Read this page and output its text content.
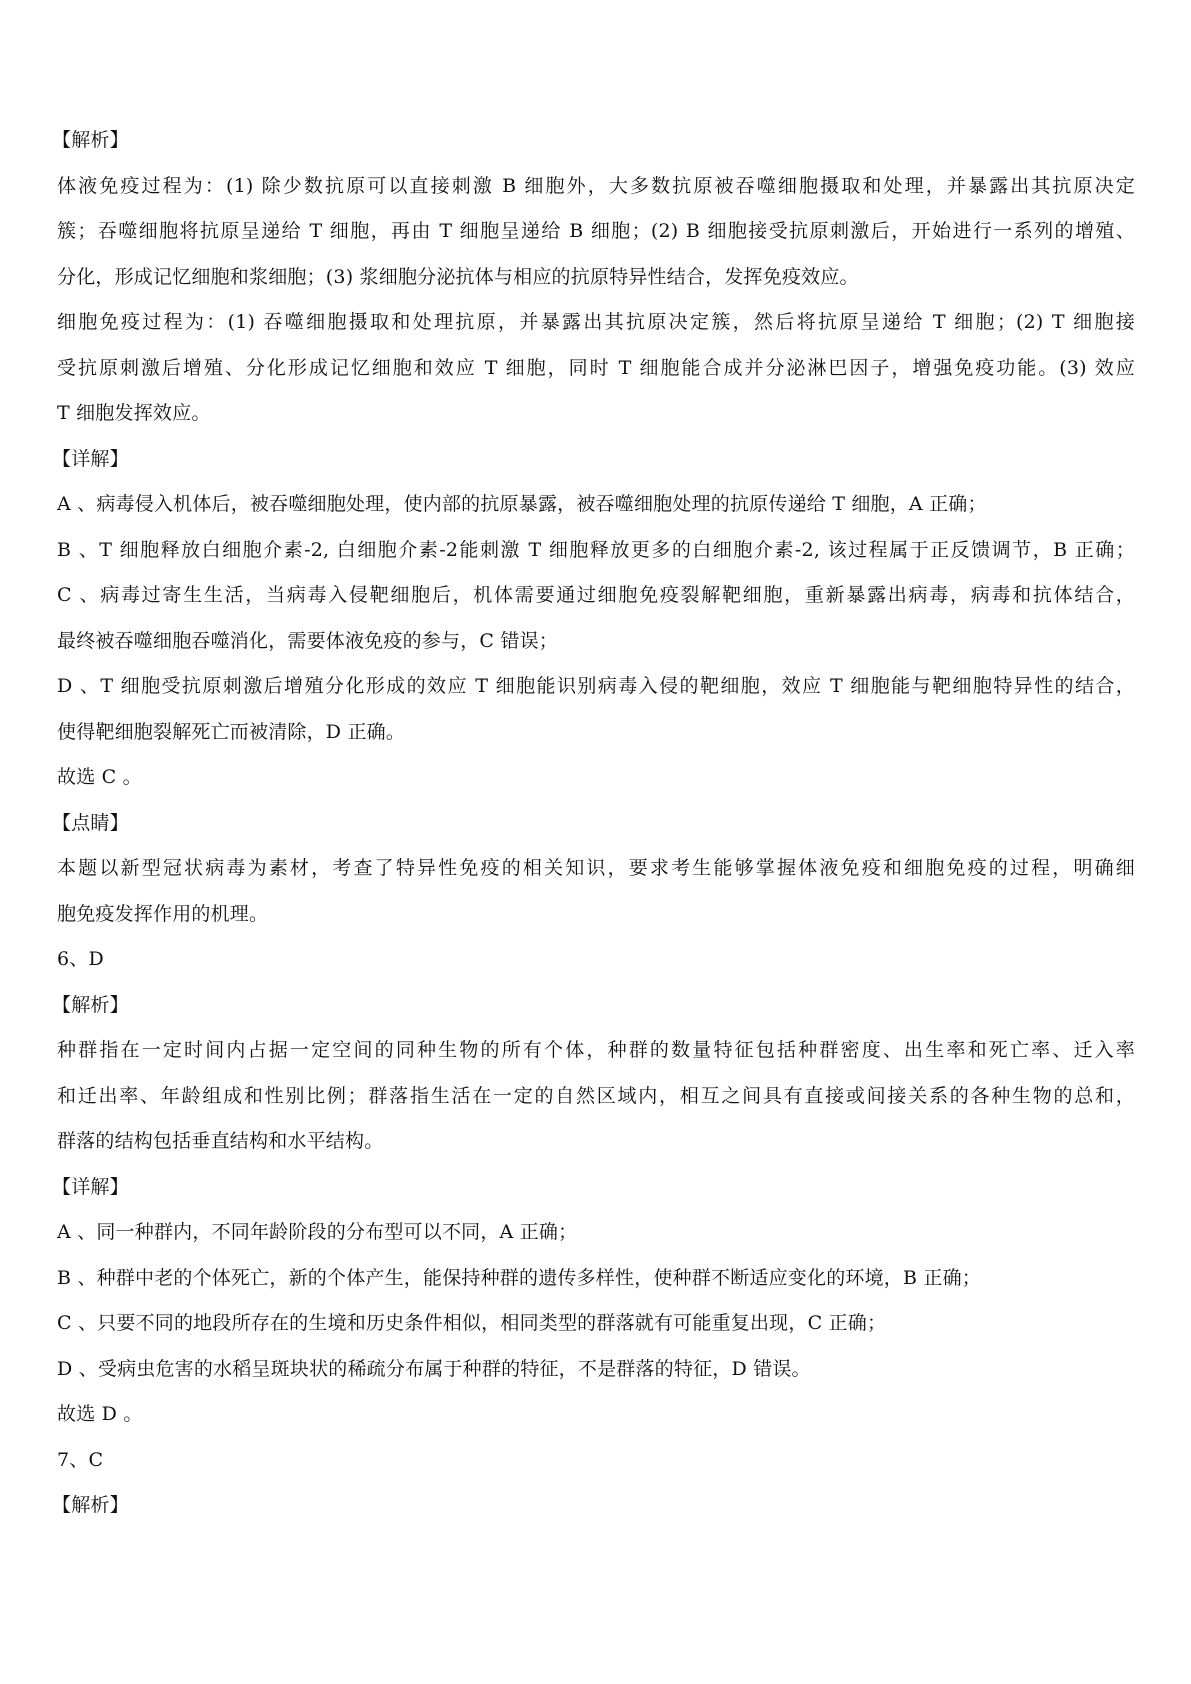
【解析】
体液免疫过程为：(1) 除少数抗原可以直接刺激 B 细胞外，大多数抗原被吞噬细胞摄取和处理，并暴露出其抗原决定
簇；吞噬细胞将抗原呈递给 T 细胞，再由 T 细胞呈递给 B 细胞；(2) B 细胞接受抗原刺激后，开始进行一系列的增殖、
分化，形成记忆细胞和浆细胞；(3) 浆细胞分泌抗体与相应的抗原特异性结合，发挥免疫效应。
细胞免疫过程为：(1) 吞噬细胞摄取和处理抗原，并暴露出其抗原决定簇，然后将抗原呈递给 T 细胞；(2) T 细胞接
受抗原刺激后增殖、分化形成记忆细胞和效应 T 细胞，同时 T 细胞能合成并分泌淋巴因子，增强免疫功能。(3) 效应
T 细胞发挥效应。
【详解】
A 、病毒侵入机体后，被吞噬细胞处理，使内部的抗原暴露，被吞噬细胞处理的抗原传递给 T 细胞，A 正确；
B 、T 细胞释放白细胞介素-2, 白细胞介素-2能刺激 T 细胞释放更多的白细胞介素-2, 该过程属于正反馈调节，B 正确；
C 、病毒过寄生生活，当病毒入侵靶细胞后，机体需要通过细胞免疫裂解靶细胞，重新暴露出病毒，病毒和抗体结合，
最终被吞噬细胞吞噬消化，需要体液免疫的参与，C 错误；
D 、T 细胞受抗原刺激后增殖分化形成的效应 T 细胞能识别病毒入侵的靶细胞，效应 T 细胞能与靶细胞特异性的结合，
使得靶细胞裂解死亡而被清除，D 正确。
故选 C 。
【点睛】
本题以新型冠状病毒为素材，考查了特异性免疫的相关知识，要求考生能够掌握体液免疫和细胞免疫的过程，明确细
胞免疫发挥作用的机理。
6、D
【解析】
种群指在一定时间内占据一定空间的同种生物的所有个体，种群的数量特征包括种群密度、出生率和死亡率、迁入率
和迁出率、年龄组成和性别比例；群落指生活在一定的自然区域内，相互之间具有直接或间接关系的各种生物的总和，
群落的结构包括垂直结构和水平结构。
【详解】
A 、同一种群内，不同年龄阶段的分布型可以不同，A 正确；
B 、种群中老的个体死亡，新的个体产生，能保持种群的遗传多样性，使种群不断适应变化的环境，B 正确；
C 、只要不同的地段所存在的生境和历史条件相似，相同类型的群落就有可能重复出现，C 正确；
D 、受病虫危害的水稻呈斑块状的稀疏分布属于种群的特征，不是群落的特征，D 错误。
故选 D 。
7、C
【解析】
